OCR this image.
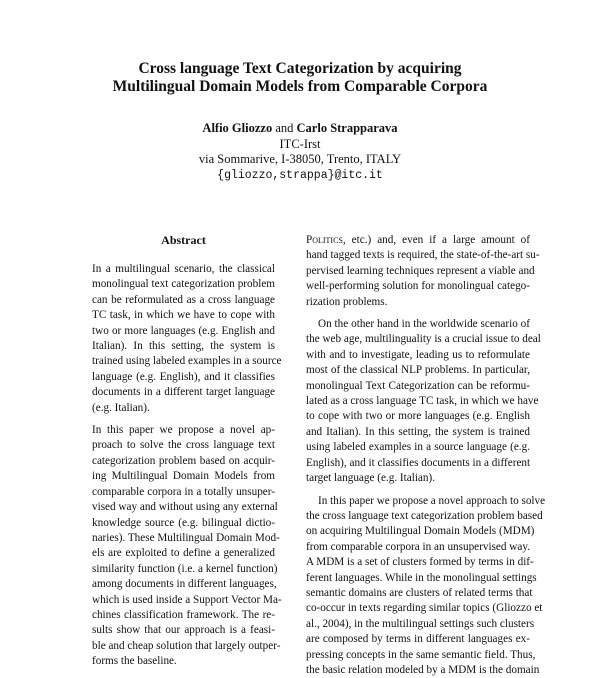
Cross language Text Categorization by acquiring
Multilingual Domain Models from Comparable Corpora
Alfio Gliozzo and Carlo Strapparava
ITC-Irst
via Sommarive, I-38050, Trento, ITALY
{gliozzo,strappa}@itc.it
Abstract
In a multilingual scenario, the classical
monolingual text categorization problem
can be reformulated as a cross language
TC task, in which we have to cope with
two or more languages (e.g. English and
Italian). In this setting, the system is
trained using labeled examples in a source
language (e.g. English), and it classifies
documents in a different target language
(e.g. Italian).
In this paper we propose a novel ap-
proach to solve the cross language text
categorization problem based on acquir-
ing Multilingual Domain Models from
comparable corpora in a totally unsuper-
vised way and without using any external
knowledge source (e.g. bilingual dictio-
naries). These Multilingual Domain Mod-
els are exploited to define a generalized
similarity function (i.e. a kernel function)
among documents in different languages,
which is used inside a Support Vector Ma-
chines classification framework. The re-
sults show that our approach is a feasi-
ble and cheap solution that largely outper-
forms the baseline.
Politics, etc.) and, even if a large amount of
hand tagged texts is required, the state-of-the-art su-
pervised learning techniques represent a viable and
well-performing solution for monolingual catego-
rization problems.
On the other hand in the worldwide scenario of
the web age, multilinguality is a crucial issue to deal
with and to investigate, leading us to reformulate
most of the classical NLP problems. In particular,
monolingual Text Categorization can be reformu-
lated as a cross language TC task, in which we have
to cope with two or more languages (e.g. English
and Italian). In this setting, the system is trained
using labeled examples in a source language (e.g.
English), and it classifies documents in a different
target language (e.g. Italian).
In this paper we propose a novel approach to solve
the cross language text categorization problem based
on acquiring Multilingual Domain Models (MDM)
from comparable corpora in an unsupervised way.
A MDM is a set of clusters formed by terms in dif-
ferent languages. While in the monolingual settings
semantic domains are clusters of related terms that
co-occur in texts regarding similar topics (Gliozzo et
al., 2004), in the multilingual settings such clusters
are composed by terms in different languages ex-
pressing concepts in the same semantic field. Thus,
the basic relation modeled by a MDM is the domain
